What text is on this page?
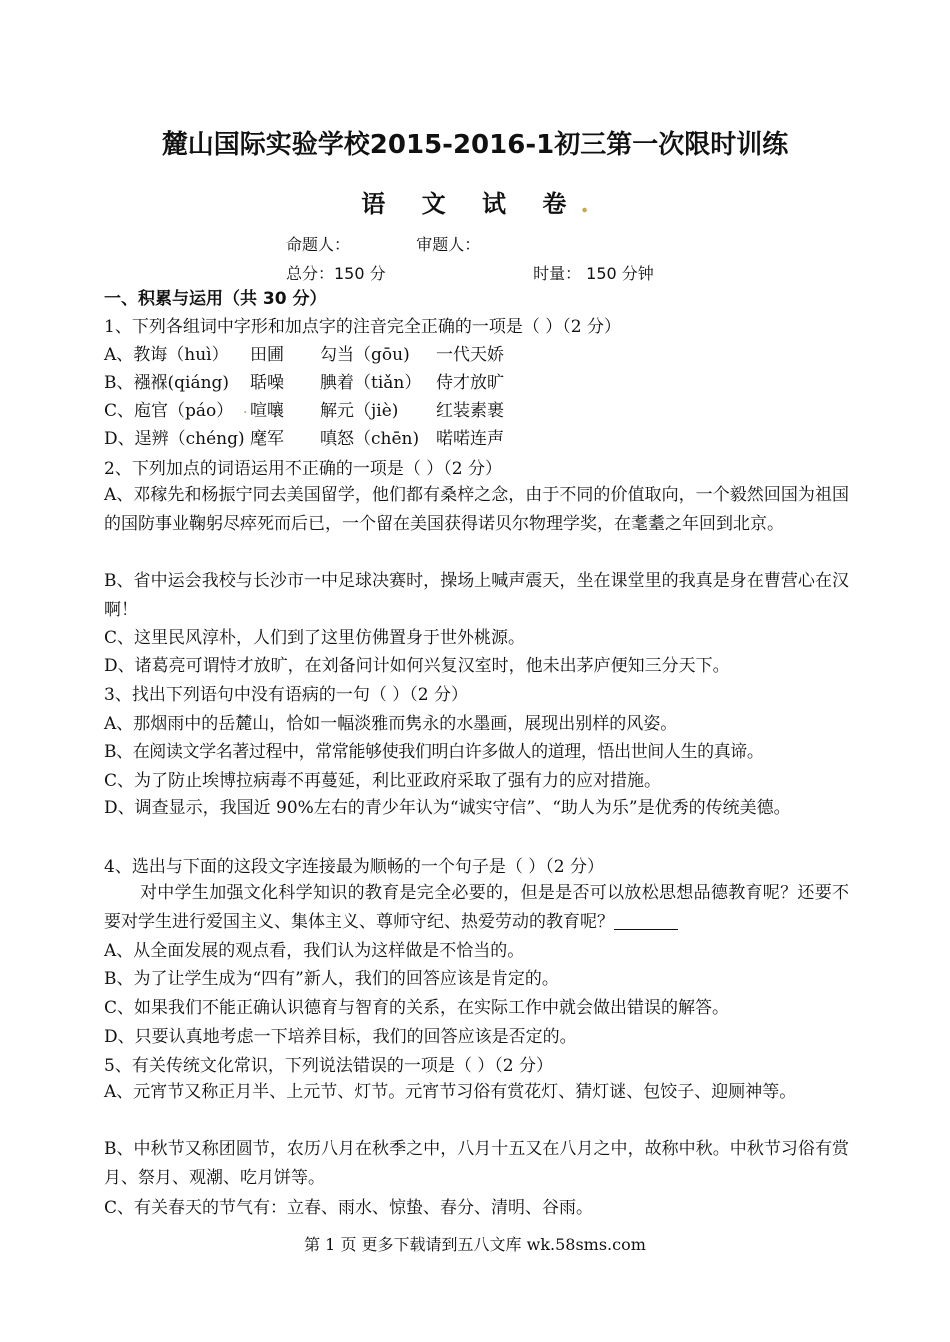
麓山国际实验学校2015-2016-1初三第一次限时训练
语 文 试 卷.
命题人：	审题人：
总分：150 分	时量： 150 分钟
一、积累与运用（共 30 分）
1、下列各组词中字形和加点字的注音完全正确的一项是（ ）（2 分）
A、教诲（huì） 田圃 勾当（gōu) 一代天娇
B、襁褓(qiáng) 聒噪 腆着（tiǎn） 侍才放旷
C、庖官（páo） 喧嚷 解元（jiè) 红装素裹
D、逞辨（chéng) 麾军 嗔怒（chēn) 喏喏连声
2、下列加点的词语运用不正确的一项是（ ）（2 分）
A、邓稼先和杨振宁同去美国留学，他们都有桑梓之念，由于不同的价值取向，一个毅然回国为祖国的国防事业鞠躬尽瘁死而后已，一个留在美国获得诺贝尔物理学奖，在耄耋之年回到北京。
B、省中运会我校与长沙市一中足球决赛时，操场上喊声震天，坐在课堂里的我真是身在曹营心在汉啊！
C、这里民风淳朴，人们到了这里仿佛置身于世外桃源。
D、诸葛亮可谓恃才放旷，在刘备问计如何兴复汉室时，他未出茅庐便知三分天下。
3、找出下列语句中没有语病的一句（ ）（2 分）
A、那烟雨中的岳麓山，恰如一幅淡雅而隽永的水墨画，展现出别样的风姿。
B、在阅读文学名著过程中，常常能够使我们明白许多做人的道理，悟出世间人生的真谛。
C、为了防止埃博拉病毒不再蔓延，利比亚政府采取了强有力的应对措施。
D、调查显示，我国近 90%左右的青少年认为“诚实守信”、“助人为乐”是优秀的传统美德。
4、选出与下面的这段文字连接最为顺畅的一个句子是（ ）（2 分）
对中学生加强文化科学知识的教育是完全必要的，但是是否可以放松思想品德教育呢？还要不要对学生进行爱国主义、集体主义、尊师守纪、热爱劳动的教育呢？
A、从全面发展的观点看，我们认为这样做是不恰当的。
B、为了让学生成为“四有”新人，我们的回答应该是肯定的。
C、如果我们不能正确认识德育与智育的关系，在实际工作中就会做出错误的解答。
D、只要认真地考虑一下培养目标，我们的回答应该是否定的。
5、有关传统文化常识，下列说法错误的一项是（ ）（2 分）
A、元宵节又称正月半、上元节、灯节。元宵节习俗有赏花灯、猜灯谜、包饺子、迎厕神等。
B、中秋节又称团圆节，农历八月在秋季之中，八月十五又在八月之中，故称中秋。中秋节习俗有赏月、祭月、观潮、吃月饼等。
C、有关春天的节气有：立春、雨水、惊蛰、春分、清明、谷雨。
第 1 页 更多下载请到五八文库 wk.58sms.com
.
